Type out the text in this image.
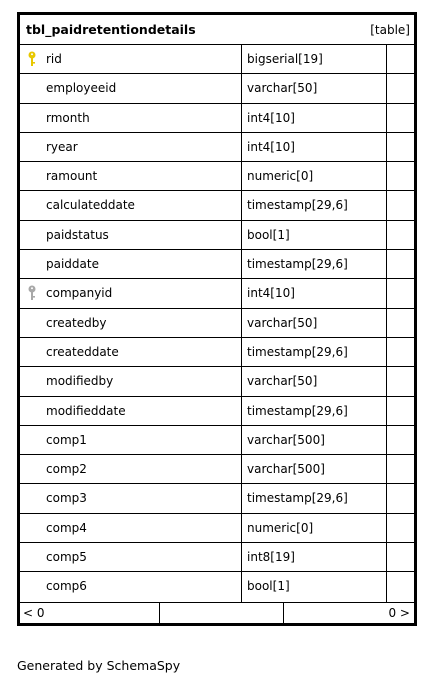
tbl_paidretentiondetails	[table]
rid	bigserial[19]
employeeid	varchar[50]
rmonth	int4[10]
ryear	int4[10]
ramount	numeric[0]
calculateddate	timestamp[29,6]
paidstatus	bool[1]
paiddate	timestamp[29,6]
companyid	int4[10]
createdby	varchar[50]
createddate	timestamp[29,6]
modifiedby	varchar[50]
modifieddate	timestamp[29,6]
comp1	varchar[500]
comp2	varchar[500]
comp3	timestamp[29,6]
comp4	numeric[0]
comp5	int8[19]
comp6	bool[1]
< 0	0 >
Generated by SchemaSpy
